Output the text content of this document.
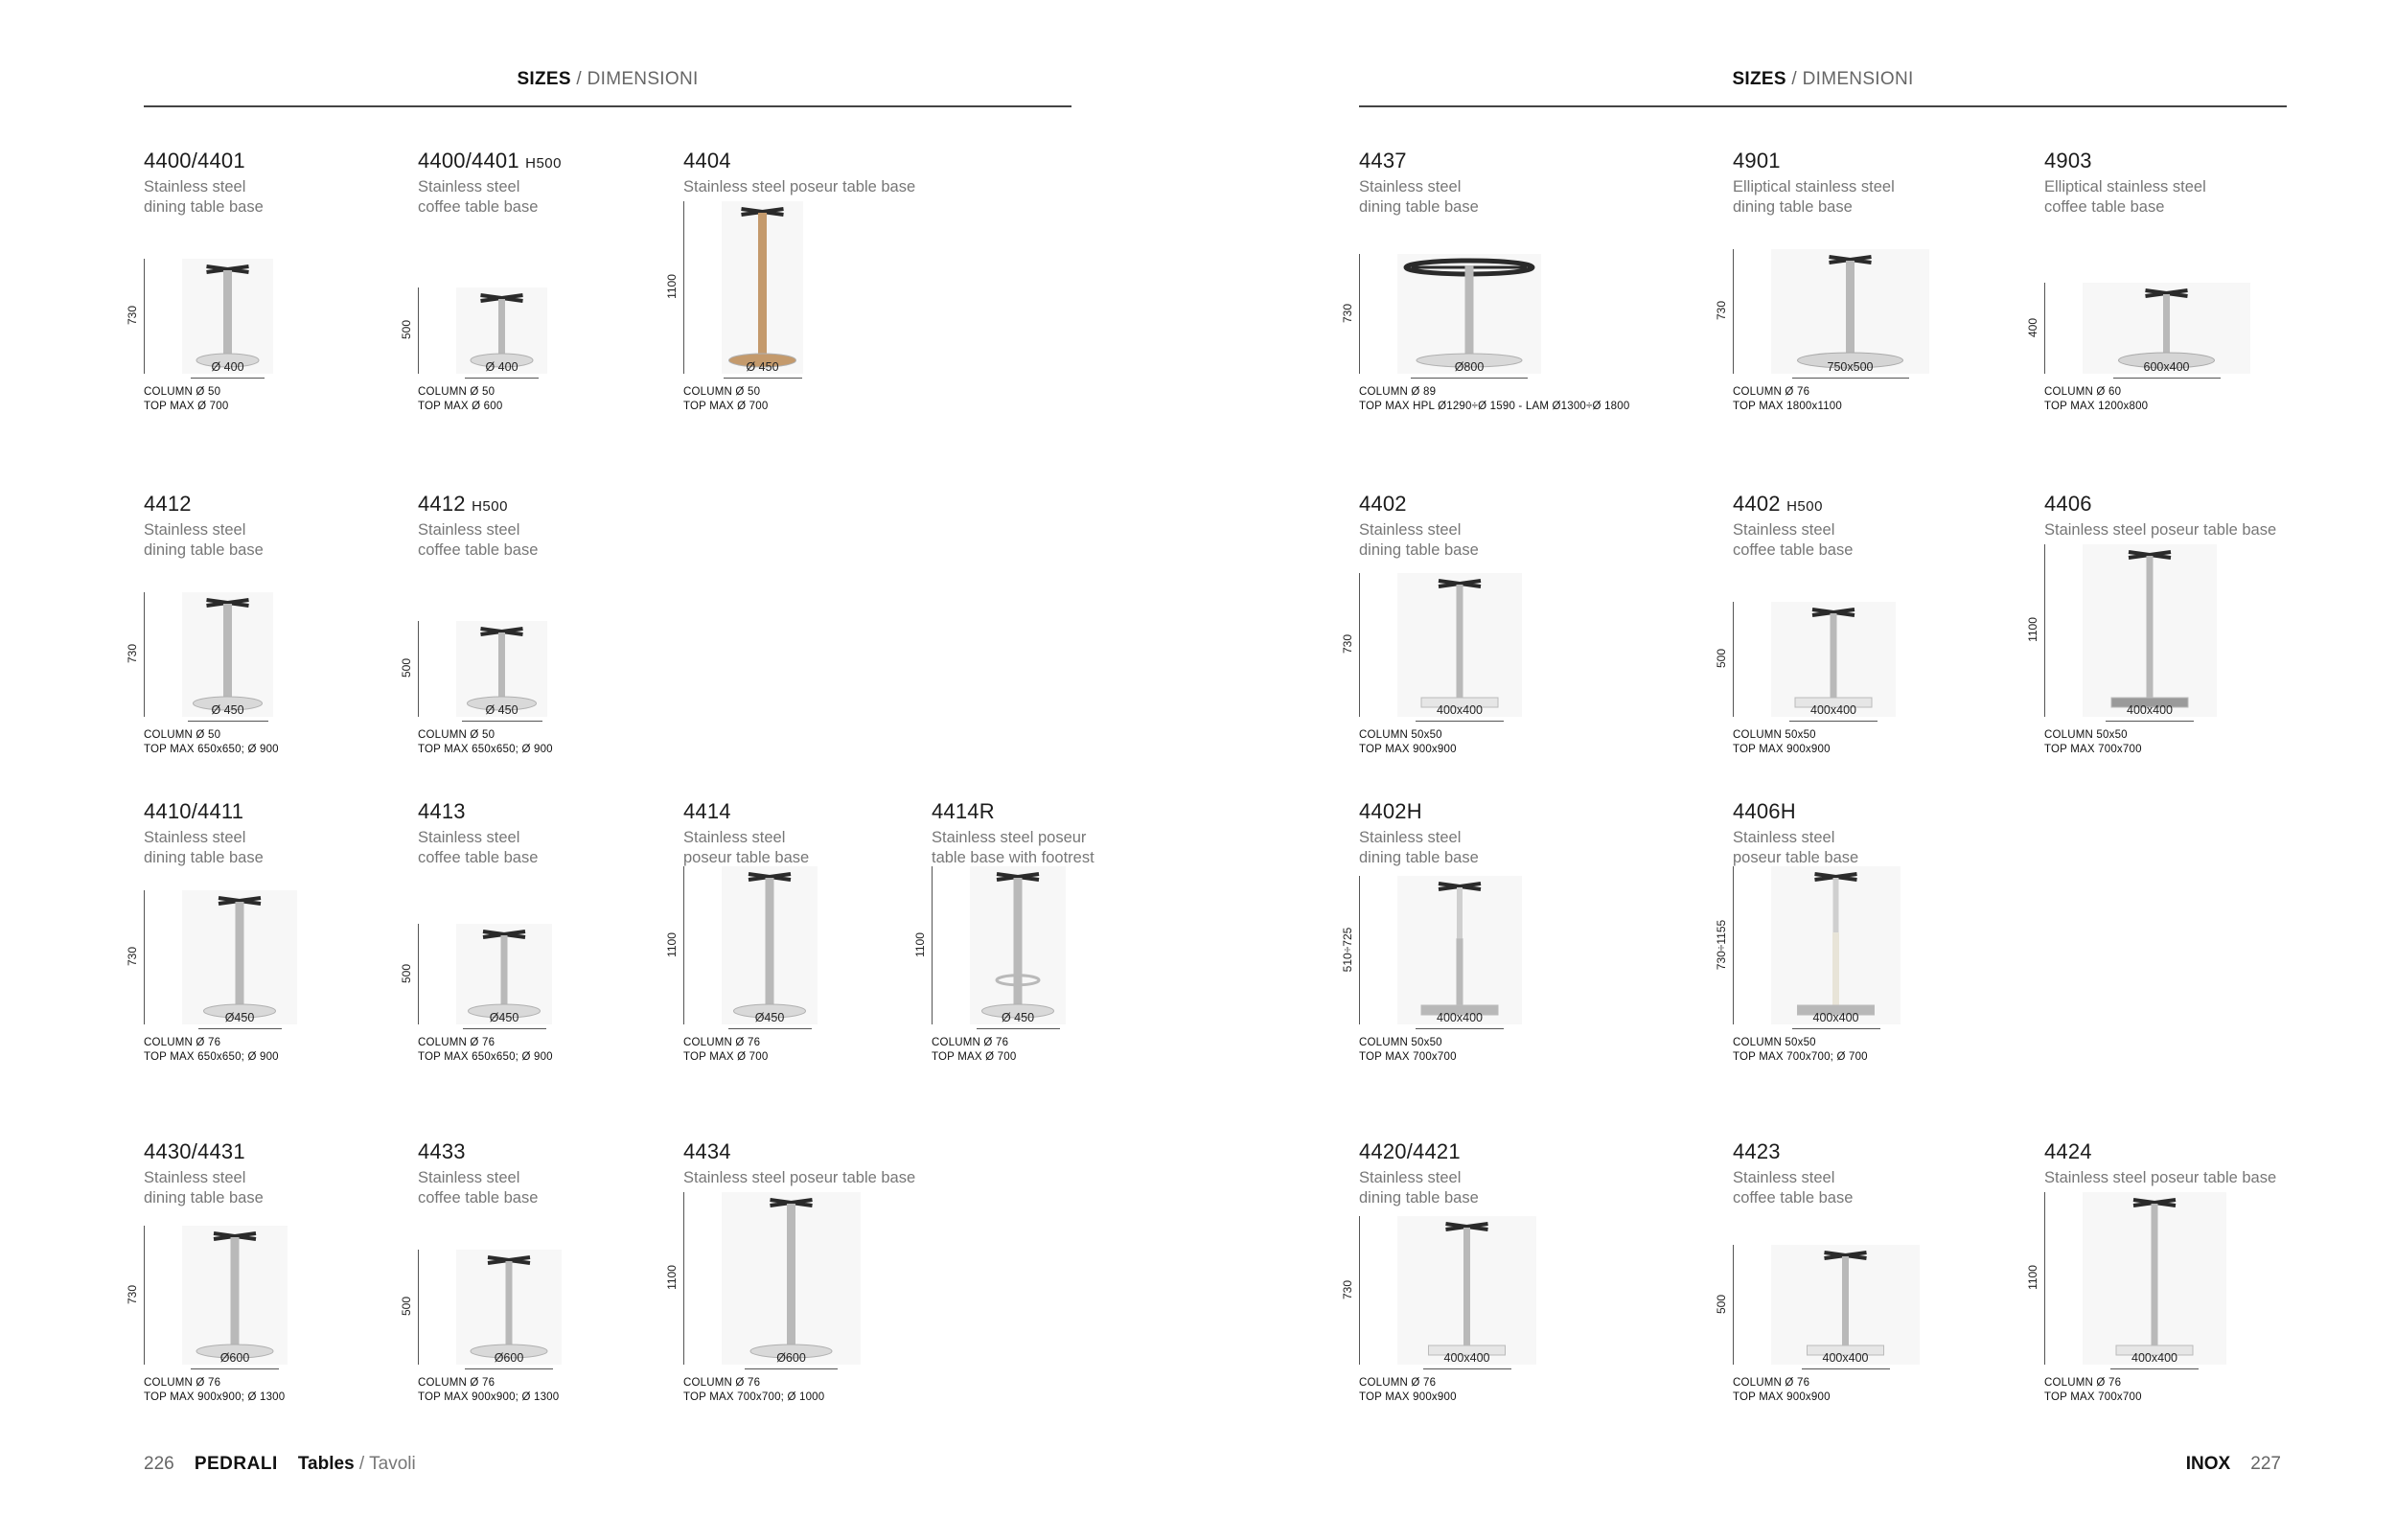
SIZES / DIMENSIONI	SIZES / DIMENSIONI
4400/4401
Stainless steel
dining table base
730
Ø 400
COLUMN Ø 50
TOP MAX Ø 700
4400/4401 H500
Stainless steel
coffee table base
500
Ø 400
COLUMN Ø 50
TOP MAX Ø 600
4404
Stainless steel poseur table base
1100
Ø 450
COLUMN Ø 50
TOP MAX Ø 700
4412
Stainless steel
dining table base
730
Ø 450
COLUMN Ø 50
TOP MAX 650x650; Ø 900
4412 H500
Stainless steel
coffee table base
500
Ø 450
COLUMN Ø 50
TOP MAX 650x650; Ø 900
4410/4411
Stainless steel
dining table base
730
Ø450
COLUMN Ø 76
TOP MAX 650x650; Ø 900
4413
Stainless steel
coffee table base
500
Ø450
COLUMN Ø 76
TOP MAX 650x650; Ø 900
4414
Stainless steel
poseur table base
1100
Ø450
COLUMN Ø 76
TOP MAX Ø 700
4414R
Stainless steel poseur
table base with footrest
1100
Ø 450
COLUMN Ø 76
TOP MAX Ø 700
4430/4431
Stainless steel
dining table base
730
Ø600
COLUMN Ø 76
TOP MAX 900x900; Ø 1300
4433
Stainless steel
coffee table base
500
Ø600
COLUMN Ø 76
TOP MAX 900x900; Ø 1300
4434
Stainless steel poseur table base
1100
Ø600
COLUMN Ø 76
TOP MAX 700x700; Ø 1000
4437
Stainless steel
dining table base
730
Ø800
COLUMN Ø 89
TOP MAX HPL Ø1290÷Ø 1590 - LAM Ø1300÷Ø 1800
4901
Elliptical stainless steel
dining table base
730
750x500
COLUMN Ø 76
TOP MAX 1800x1100
4903
Elliptical stainless steel
coffee table base
400
600x400
COLUMN Ø 60
TOP MAX 1200x800
4402
Stainless steel
dining table base
730
400x400
COLUMN 50x50
TOP MAX 900x900
4402 H500
Stainless steel
coffee table base
500
400x400
COLUMN 50x50
TOP MAX 900x900
4406
Stainless steel poseur table base
1100
400x400
COLUMN 50x50
TOP MAX 700x700
4402H
Stainless steel
dining table base
510÷725
400x400
COLUMN 50x50
TOP MAX 700x700
4406H
Stainless steel
poseur table base
730÷1155
400x400
COLUMN 50x50
TOP MAX 700x700; Ø 700
4420/4421
Stainless steel
dining table base
730
400x400
COLUMN Ø 76
TOP MAX 900x900
4423
Stainless steel
coffee table base
500
400x400
COLUMN Ø 76
TOP MAX 900x900
4424
Stainless steel poseur table base
1100
400x400
COLUMN Ø 76
TOP MAX 700x700
226 PEDRALI Tables / Tavoli	INOX 227
